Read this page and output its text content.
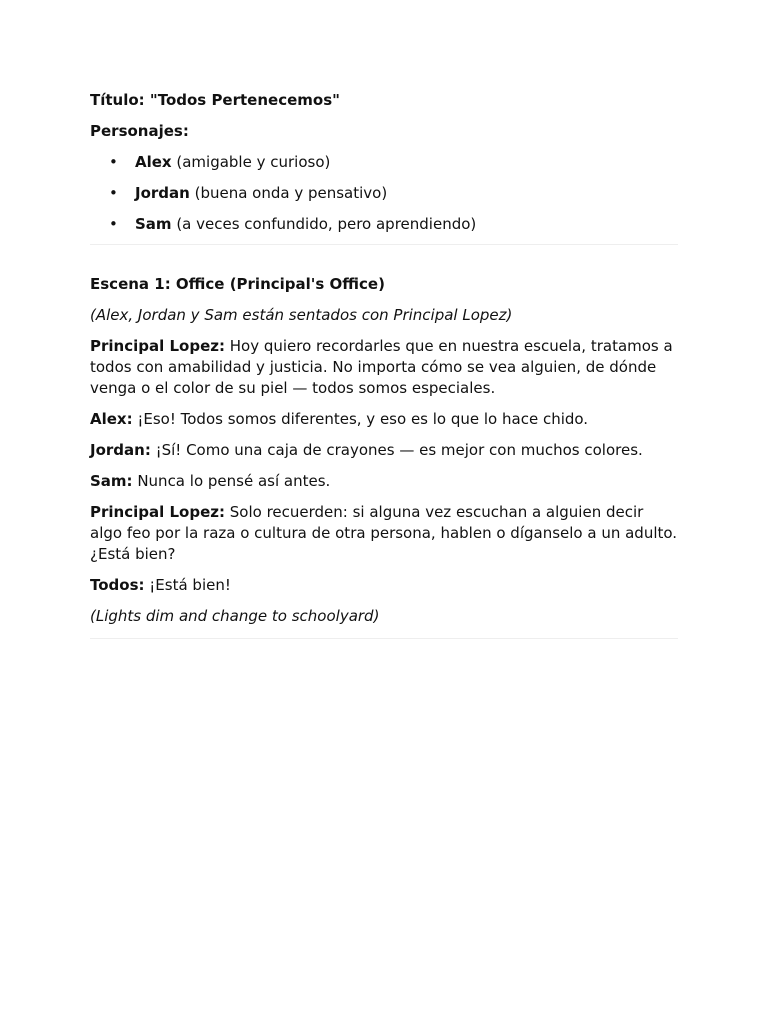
Título: "Todos Pertenecemos"

Personajes:

• Alex (amigable y curioso)
• Jordan (buena onda y pensativo)
• Sam (a veces confundido, pero aprendiendo)

Escena 1: Office (Principal's Office)

(Alex, Jordan y Sam están sentados con Principal Lopez)

Principal Lopez: Hoy quiero recordarles que en nuestra escuela, tratamos a todos con amabilidad y justicia. No importa cómo se vea alguien, de dónde venga o el color de su piel — todos somos especiales.

Alex: ¡Eso! Todos somos diferentes, y eso es lo que lo hace chido.

Jordan: ¡Sí! Como una caja de crayones — es mejor con muchos colores.

Sam: Nunca lo pensé así antes.

Principal Lopez: Solo recuerden: si alguna vez escuchan a alguien decir algo feo por la raza o cultura de otra persona, hablen o díganselo a un adulto. ¿Está bien?

Todos: ¡Está bien!

(Lights dim and change to schoolyard)
